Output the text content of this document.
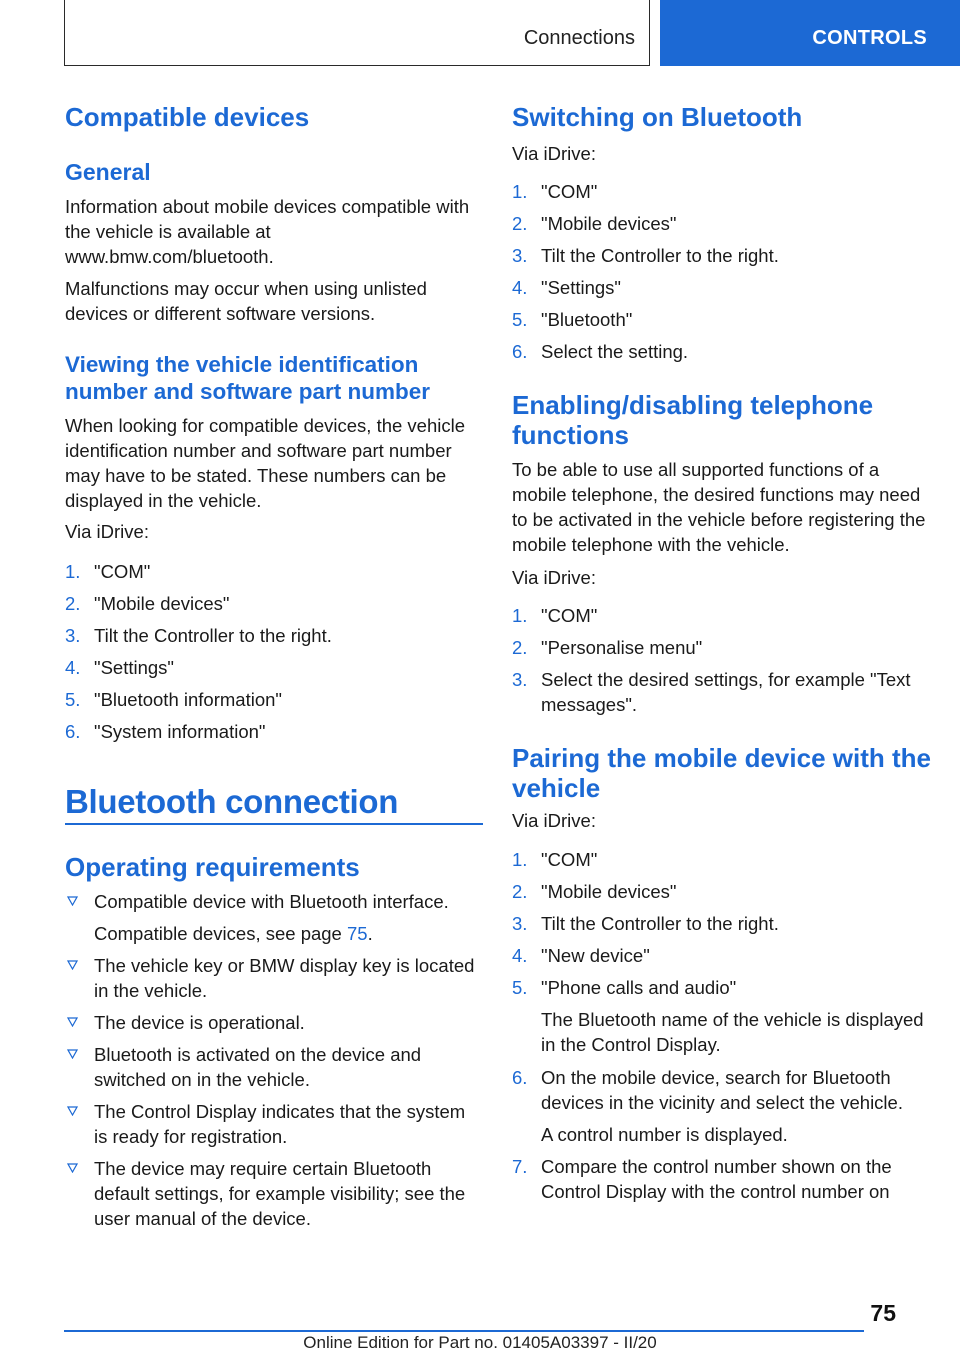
Connections	CONTROLS
Compatible devices
General
Information about mobile devices compatible with the vehicle is available at www.bmw.com/bluetooth.
Malfunctions may occur when using unlisted devices or different software versions.
Viewing the vehicle identification number and software part number
When looking for compatible devices, the vehicle identification number and software part number may have to be stated. These numbers can be displayed in the vehicle.
Via iDrive:
1. "COM"
2. "Mobile devices"
3. Tilt the Controller to the right.
4. "Settings"
5. "Bluetooth information"
6. "System information"
Bluetooth connection
Operating requirements
Compatible device with Bluetooth interface.
Compatible devices, see page 75.
The vehicle key or BMW display key is located in the vehicle.
The device is operational.
Bluetooth is activated on the device and switched on in the vehicle.
The Control Display indicates that the system is ready for registration.
The device may require certain Bluetooth default settings, for example visibility; see the user manual of the device.
Switching on Bluetooth
Via iDrive:
1. "COM"
2. "Mobile devices"
3. Tilt the Controller to the right.
4. "Settings"
5. "Bluetooth"
6. Select the setting.
Enabling/disabling telephone functions
To be able to use all supported functions of a mobile telephone, the desired functions may need to be activated in the vehicle before registering the mobile telephone with the vehicle.
Via iDrive:
1. "COM"
2. "Personalise menu"
3. Select the desired settings, for example "Text messages".
Pairing the mobile device with the vehicle
Via iDrive:
1. "COM"
2. "Mobile devices"
3. Tilt the Controller to the right.
4. "New device"
5. "Phone calls and audio"
The Bluetooth name of the vehicle is displayed in the Control Display.
6. On the mobile device, search for Bluetooth devices in the vicinity and select the vehicle.
A control number is displayed.
7. Compare the control number shown on the Control Display with the control number on
75
Online Edition for Part no. 01405A03397 - II/20
